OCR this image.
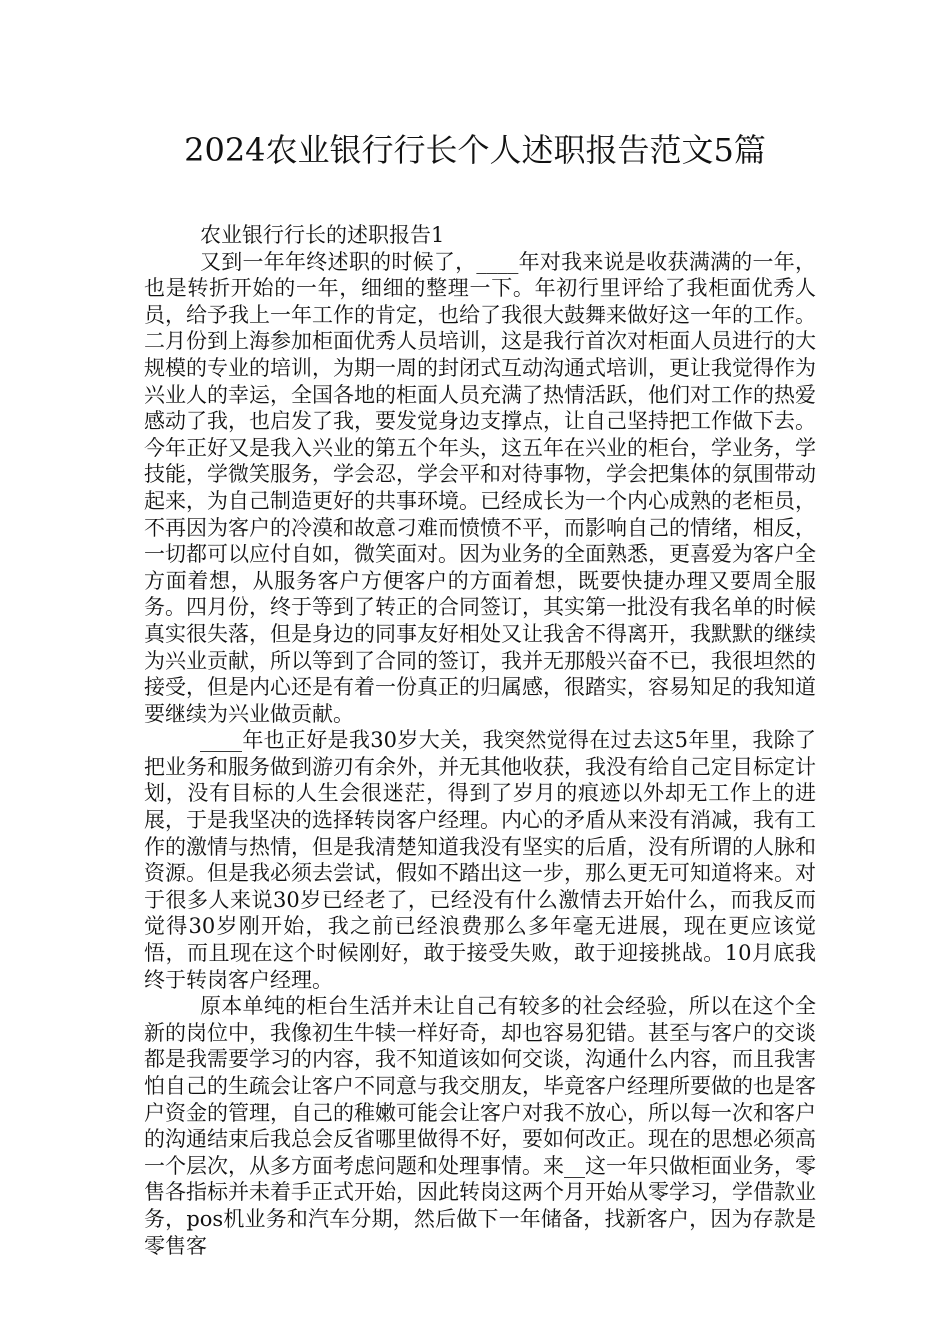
2024农业银行行长个人述职报告范文5篇

农业银行行长的述职报告1

又到一年年终述职的时候了，____年对我来说是收获满满的一年，也是转折开始的一年，细细的整理一下。年初行里评给了我柜面优秀人员，给予我上一年工作的肯定，也给了我很大鼓舞来做好这一年的工作。二月份到上海参加柜面优秀人员培训，这是我行首次对柜面人员进行的大规模的专业的培训，为期一周的封闭式互动沟通式培训，更让我觉得作为兴业人的幸运，全国各地的柜面人员充满了热情活跃，他们对工作的热爱感动了我，也启发了我，要发觉身边支撑点，让自己坚持把工作做下去。今年正好又是我入兴业的第五个年头，这五年在兴业的柜台，学业务，学技能，学微笑服务，学会忍，学会平和对待事物，学会把集体的氛围带动起来，为自己制造更好的共事环境。已经成长为一个内心成熟的老柜员，不再因为客户的冷漠和故意刁难而愤愤不平，而影响自己的情绪，相反，一切都可以应付自如，微笑面对。因为业务的全面熟悉，更喜爱为客户全方面着想，从服务客户方便客户的方面着想，既要快捷办理又要周全服务。四月份，终于等到了转正的合同签订，其实第一批没有我名单的时候真实很失落，但是身边的同事友好相处又让我舍不得离开，我默默的继续为兴业贡献，所以等到了合同的签订，我并无那般兴奋不已，我很坦然的接受，但是内心还是有着一份真正的归属感，很踏实，容易知足的我知道要继续为兴业做贡献。

____年也正好是我30岁大关，我突然觉得在过去这5年里，我除了把业务和服务做到游刃有余外，并无其他收获，我没有给自己定目标定计划，没有目标的人生会很迷茫，得到了岁月的痕迹以外却无工作上的进展，于是我坚决的选择转岗客户经理。内心的矛盾从来没有消减，我有工作的激情与热情，但是我清楚知道我没有坚实的后盾，没有所谓的人脉和资源。但是我必须去尝试，假如不踏出这一步，那么更无可知道将来。对于很多人来说30岁已经老了，已经没有什么激情去开始什么，而我反而觉得30岁刚开始，我之前已经浪费那么多年毫无进展，现在更应该觉悟，而且现在这个时候刚好，敢于接受失败，敢于迎接挑战。10月底我终于转岗客户经理。

原本单纯的柜台生活并未让自己有较多的社会经验，所以在这个全新的岗位中，我像初生牛犊一样好奇，却也容易犯错。甚至与客户的交谈都是我需要学习的内容，我不知道该如何交谈，沟通什么内容，而且我害怕自己的生疏会让客户不同意与我交朋友，毕竟客户经理所要做的也是客户资金的管理，自己的稚嫩可能会让客户对我不放心，所以每一次和客户的沟通结束后我总会反省哪里做得不好，要如何改正。现在的思想必须高一个层次，从多方面考虑问题和处理事情。来__这一年只做柜面业务，零售各指标并未着手正式开始，因此转岗这两个月开始从零学习，学借款业务，pos机业务和汽车分期，然后做下一年储备，找新客户，因为存款是零售客
